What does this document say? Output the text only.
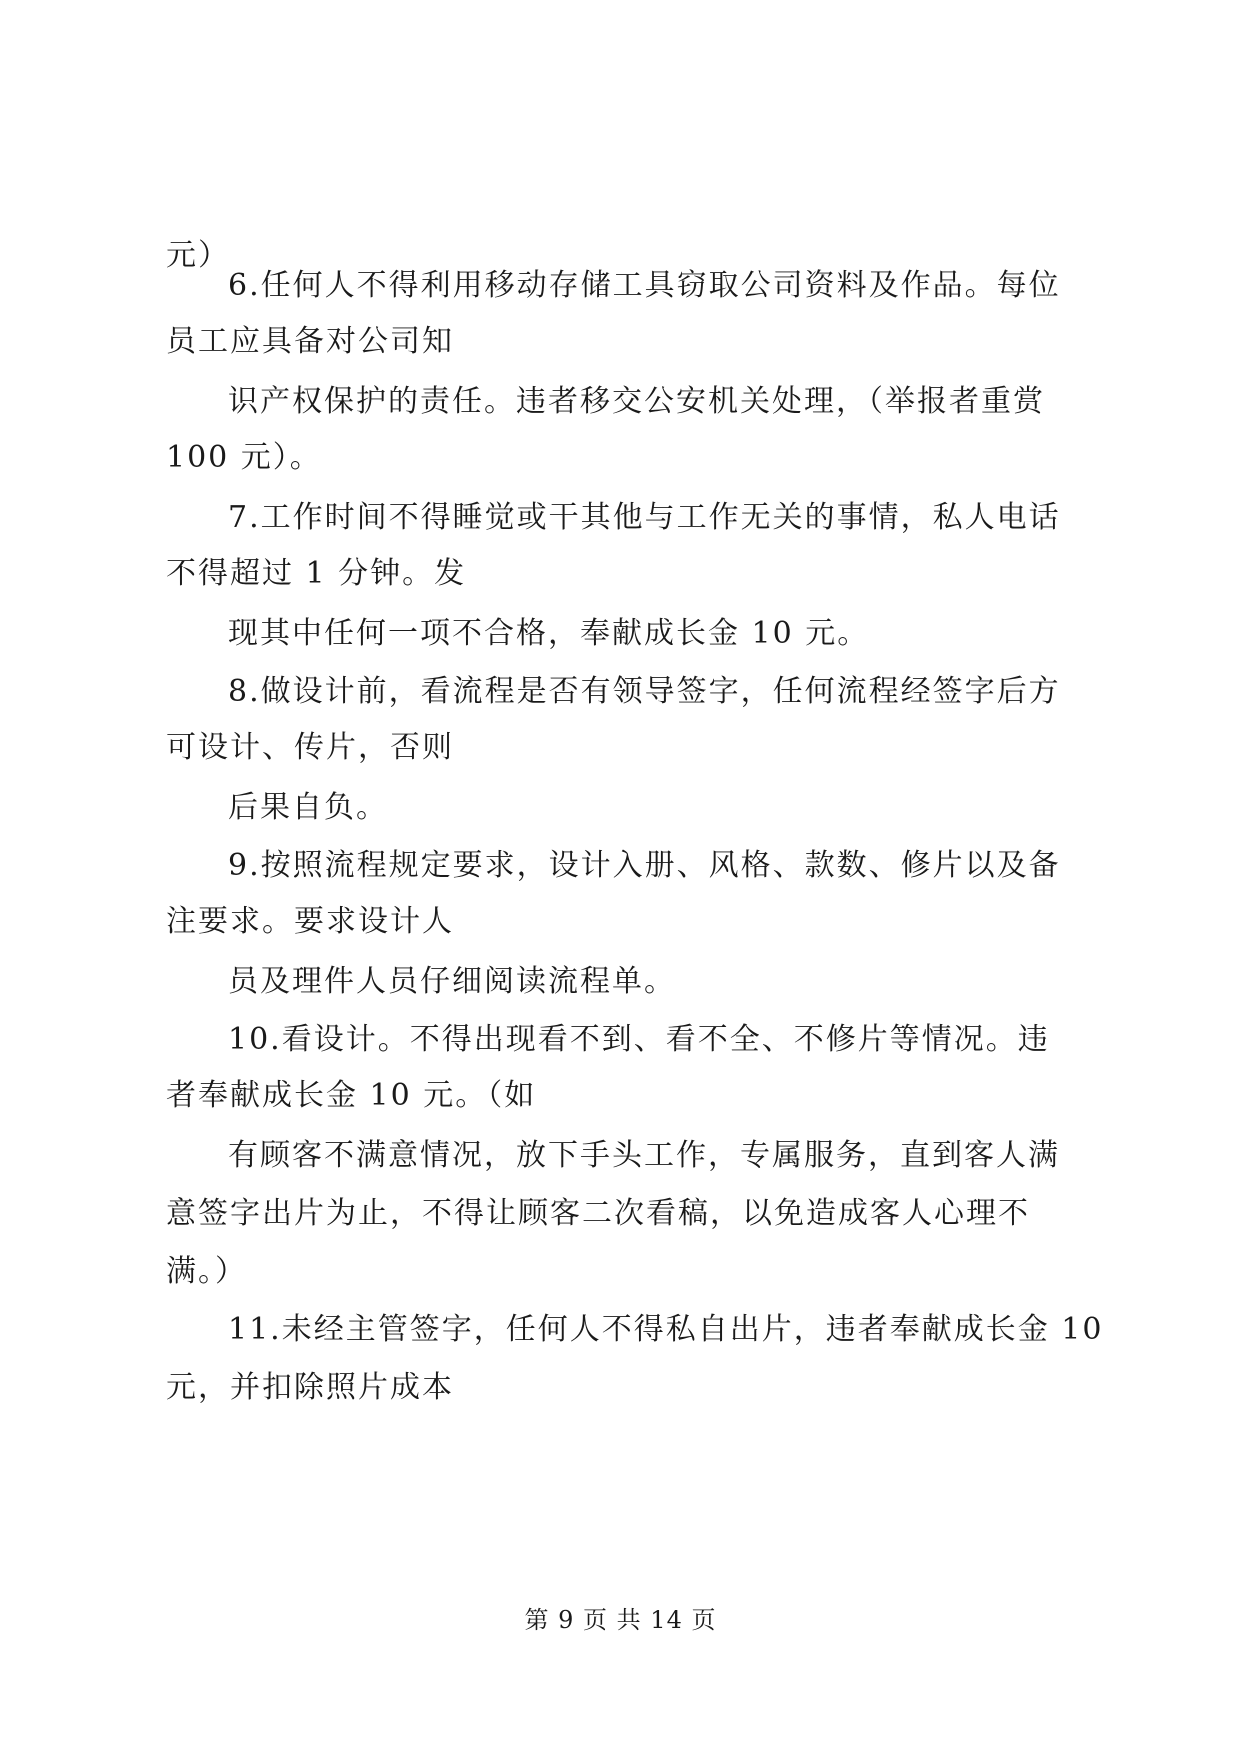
元）
6.任何人不得利用移动存储工具窃取公司资料及作品。每位
员工应具备对公司知
识产权保护的责任。违者移交公安机关处理，（举报者重赏
100 元）。
7.工作时间不得睡觉或干其他与工作无关的事情，私人电话
不得超过 1 分钟。发
现其中任何一项不合格，奉献成长金 10 元。
8.做设计前，看流程是否有领导签字，任何流程经签字后方
可设计、传片，否则
后果自负。
9.按照流程规定要求，设计入册、风格、款数、修片以及备
注要求。要求设计人
员及理件人员仔细阅读流程单。
10.看设计。不得出现看不到、看不全、不修片等情况。违
者奉献成长金 10 元。（如
有顾客不满意情况，放下手头工作，专属服务，直到客人满
意签字出片为止，不得让顾客二次看稿，以免造成客人心理不
满。）
11.未经主管签字，任何人不得私自出片，违者奉献成长金 10
元，并扣除照片成本
第 9 页 共 14 页
